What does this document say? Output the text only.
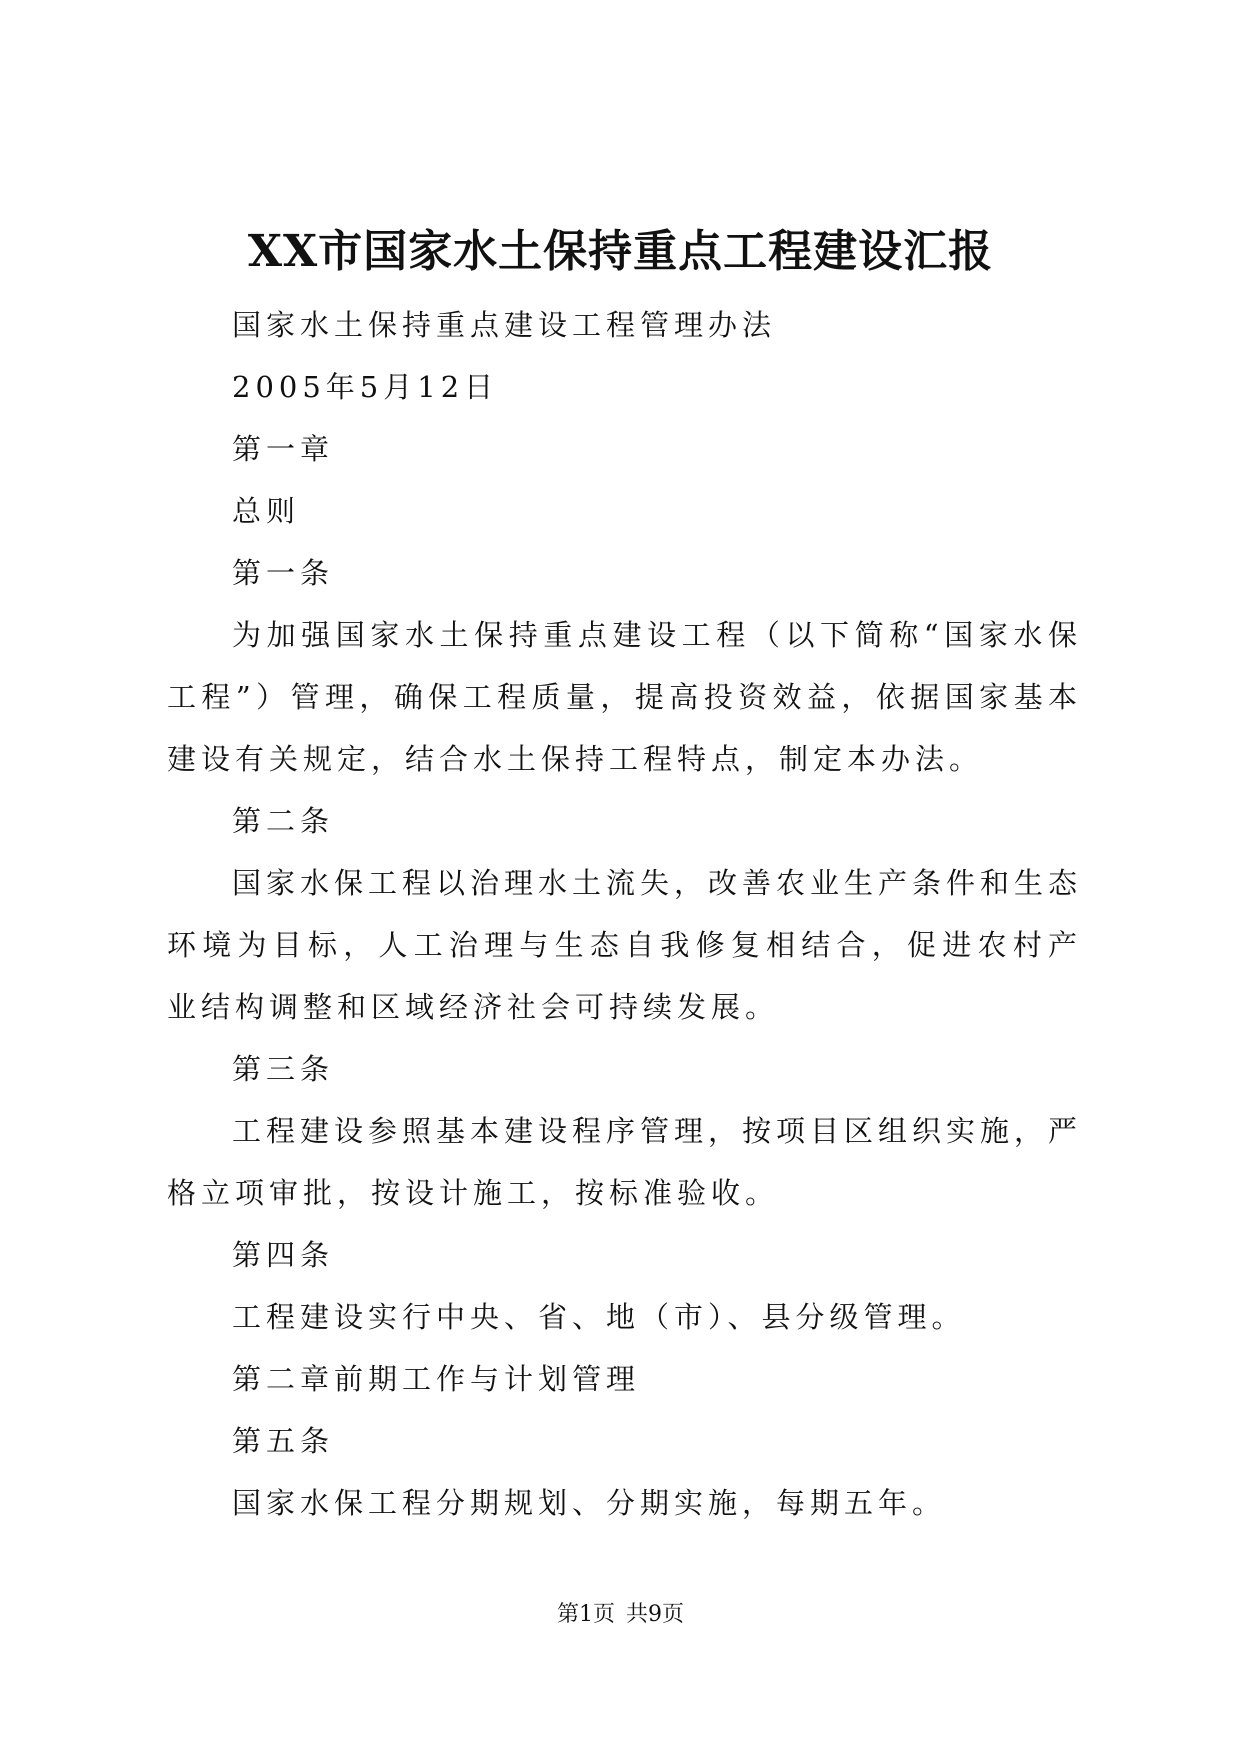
XX市国家水土保持重点工程建设汇报

国家水土保持重点建设工程管理办法

2005年5月12日

第一章

总则

第一条

为加强国家水土保持重点建设工程（以下简称“国家水保工程”）管理，确保工程质量，提高投资效益，依据国家基本建设有关规定，结合水土保持工程特点，制定本办法。

第二条

国家水保工程以治理水土流失，改善农业生产条件和生态环境为目标，人工治理与生态自我修复相结合，促进农村产业结构调整和区域经济社会可持续发展。

第三条

工程建设参照基本建设程序管理，按项目区组织实施，严格立项审批，按设计施工，按标准验收。

第四条

工程建设实行中央、省、地（市）、县分级管理。

第二章前期工作与计划管理

第五条

国家水保工程分期规划、分期实施，每期五年。

第1页 共9页
